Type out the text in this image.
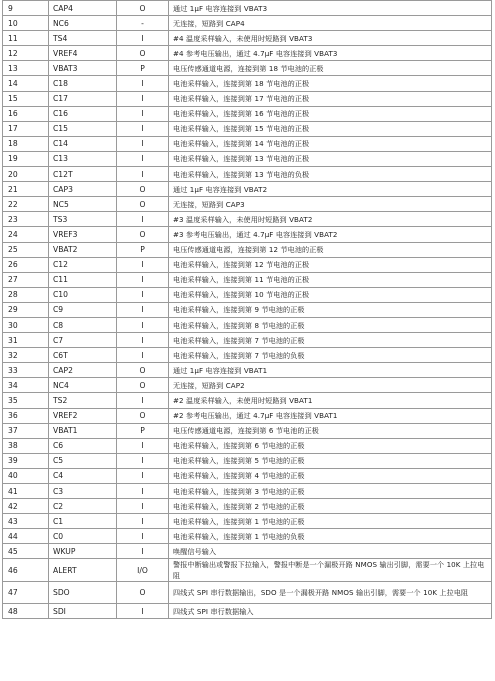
9	CAP4	O	通过 1μF 电容连接到 VBAT3
10	NC6	-	无连接，短路到 CAP4
11	TS4	I	#4 温度采样输入，未使用时短路到 VBAT3
12	VREF4	O	#4 参考电压输出，通过 4.7μF 电容连接到 VBAT3
13	VBAT3	P	电压传感通道电源，连接到第 18 节电池的正极
14	C18	I	电池采样输入，连接到第 18 节电池的正极
15	C17	I	电池采样输入，连接到第 17 节电池的正极
16	C16	I	电池采样输入，连接到第 16 节电池的正极
17	C15	I	电池采样输入，连接到第 15 节电池的正极
18	C14	I	电池采样输入，连接到第 14 节电池的正极
19	C13	I	电池采样输入，连接到第 13 节电池的正极
20	C12T	I	电池采样输入，连接到第 13 节电池的负极
21	CAP3	O	通过 1μF 电容连接到 VBAT2
22	NC5	O	无连接，短路到 CAP3
23	TS3	I	#3 温度采样输入，未使用时短路到 VBAT2
24	VREF3	O	#3 参考电压输出，通过 4.7μF 电容连接到 VBAT2
25	VBAT2	P	电压传感通道电源，连接到第 12 节电池的正极
26	C12	I	电池采样输入，连接到第 12 节电池的正极
27	C11	I	电池采样输入，连接到第 11 节电池的正极
28	C10	I	电池采样输入，连接到第 10 节电池的正极
29	C9	I	电池采样输入，连接到第 9 节电池的正极
30	C8	I	电池采样输入，连接到第 8 节电池的正极
31	C7	I	电池采样输入，连接到第 7 节电池的正极
32	C6T	I	电池采样输入，连接到第 7 节电池的负极
33	CAP2	O	通过 1μF 电容连接到 VBAT1
34	NC4	O	无连接，短路到 CAP2
35	TS2	I	#2 温度采样输入，未使用时短路到 VBAT1
36	VREF2	O	#2 参考电压输出，通过 4.7μF 电容连接到 VBAT1
37	VBAT1	P	电压传感通道电源，连接到第 6 节电池的正极
38	C6	I	电池采样输入，连接到第 6 节电池的正极
39	C5	I	电池采样输入，连接到第 5 节电池的正极
40	C4	I	电池采样输入，连接到第 4 节电池的正极
41	C3	I	电池采样输入，连接到第 3 节电池的正极
42	C2	I	电池采样输入，连接到第 2 节电池的正极
43	C1	I	电池采样输入，连接到第 1 节电池的正极
44	C0	I	电池采样输入，连接到第 1 节电池的负极
45	WKUP	I	唤醒信号输入
46	ALERT	I/O	警报中断输出或警报下拉输入，警报中断是一个漏极开路 NMOS 输出引脚，需要一个 10K 上拉电阻
47	SDO	O	四线式 SPI 串行数据输出，SDO 是一个漏极开路 NMOS 输出引脚，需要一个 10K 上拉电阻
48	SDI	I	四线式 SPI 串行数据输入
